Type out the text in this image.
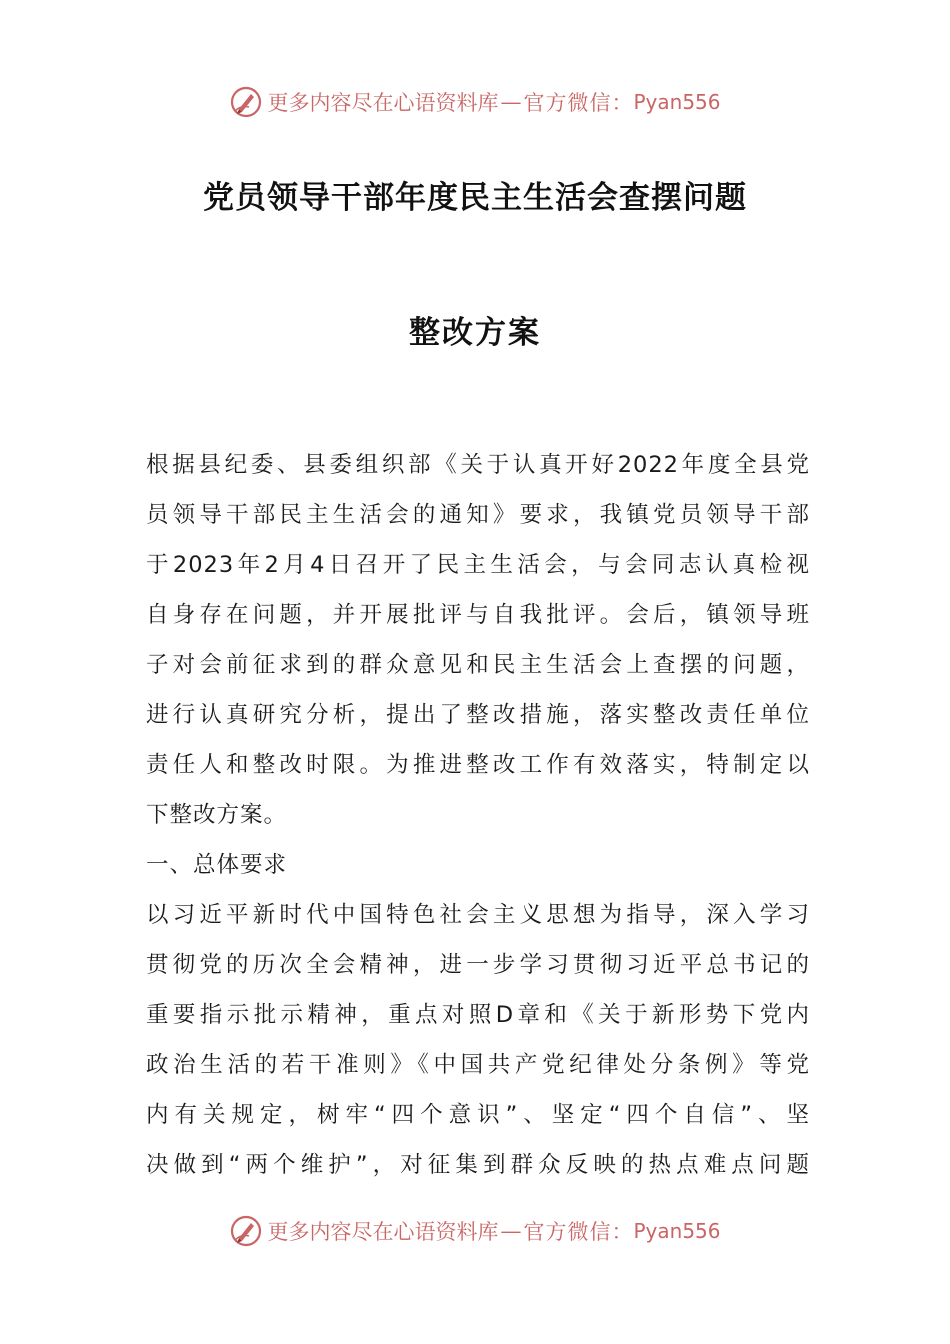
更多内容尽在心语资料库 — 官方微信： Pyan556
党员领导干部年度民主生活会查摆问题
整改方案
根据县纪委、县委组织部《关于认真开好2022年度全县党
员领导干部民主生活会的通知》要求，我镇党员领导干部
于2023年2月4日召开了民主生活会，与会同志认真检视
自身存在问题，并开展批评与自我批评。会后，镇领导班
子对会前征求到的群众意见和民主生活会上查摆的问题，
进行认真研究分析，提出了整改措施，落实整改责任单位
责任人和整改时限。为推进整改工作有效落实，特制定以
下整改方案。
一、总体要求
以习近平新时代中国特色社会主义思想为指导，深入学习
贯彻党的历次全会精神，进一步学习贯彻习近平总书记的
重要指示批示精神，重点对照D章和《关于新形势下党内
政治生活的若干准则》《中国共产党纪律处分条例》等党
内有关规定，树牢“四个意识”、坚定“四个自信”、坚
决做到“两个维护”，对征集到群众反映的热点难点问题
更多内容尽在心语资料库 — 官方微信： Pyan556
